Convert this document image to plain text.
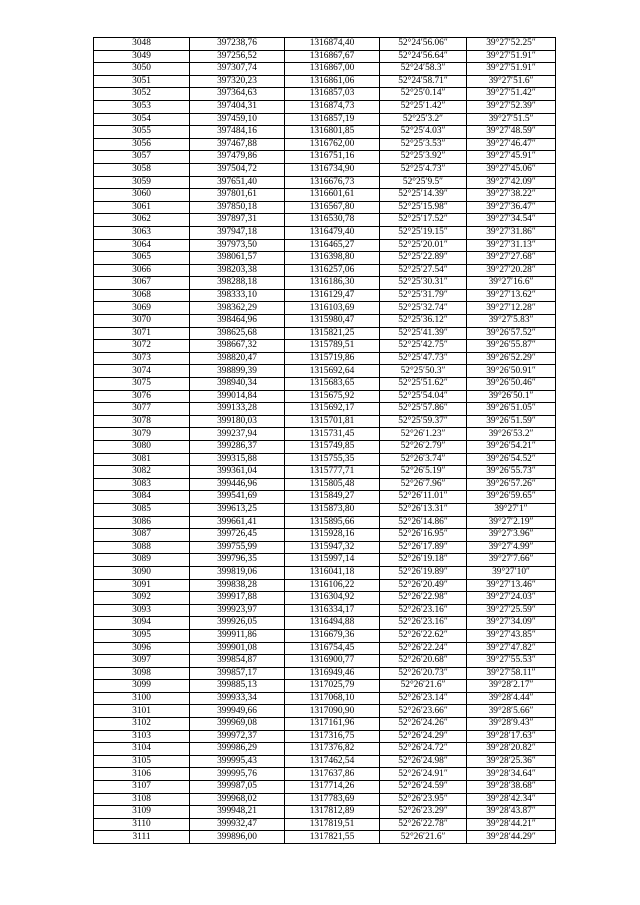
3048	397238,76	1316874,40	52°24′56.06″	39°27′52.25″
3049	397256,52	1316867,67	52°24′56.64″	39°27′51.91″
3050	397307,74	1316867,00	52°24′58.3″	39°27′51.91″
3051	397320,23	1316861,06	52°24′58.71″	39°27′51.6″
3052	397364,63	1316857,03	52°25′0.14″	39°27′51.42″
3053	397404,31	1316874,73	52°25′1.42″	39°27′52.39″
3054	397459,10	1316857,19	52°25′3.2″	39°27′51.5″
3055	397484,16	1316801,85	52°25′4.03″	39°27′48.59″
3056	397467,88	1316762,00	52°25′3.53″	39°27′46.47″
3057	397479,86	1316751,16	52°25′3.92″	39°27′45.91″
3058	397504,72	1316734,90	52°25′4.73″	39°27′45.06″
3059	397651,40	1316676,73	52°25′9.5″	39°27′42.09″
3060	397801,61	1316601,61	52°25′14.39″	39°27′38.22″
3061	397850,18	1316567,80	52°25′15.98″	39°27′36.47″
3062	397897,31	1316530,78	52°25′17.52″	39°27′34.54″
3063	397947,18	1316479,40	52°25′19.15″	39°27′31.86″
3064	397973,50	1316465,27	52°25′20.01″	39°27′31.13″
3065	398061,57	1316398,80	52°25′22.89″	39°27′27.68″
3066	398203,38	1316257,06	52°25′27.54″	39°27′20.28″
3067	398288,18	1316186,30	52°25′30.31″	39°27′16.6″
3068	398333,10	1316129,47	52°25′31.79″	39°27′13.62″
3069	398362,29	1316103,69	52°25′32.74″	39°27′12.28″
3070	398464,96	1315980,47	52°25′36.12″	39°27′5.83″
3071	398625,68	1315821,25	52°25′41.39″	39°26′57.52″
3072	398667,32	1315789,51	52°25′42.75″	39°26′55.87″
3073	398820,47	1315719,86	52°25′47.73″	39°26′52.29″
3074	398899,39	1315692,64	52°25′50.3″	39°26′50.91″
3075	398940,34	1315683,65	52°25′51.62″	39°26′50.46″
3076	399014,84	1315675,92	52°25′54.04″	39°26′50.1″
3077	399133,28	1315692,17	52°25′57.86″	39°26′51.05″
3078	399180,03	1315701,81	52°25′59.37″	39°26′51.59″
3079	399237,94	1315731,45	52°26′1.23″	39°26′53.2″
3080	399286,37	1315749,85	52°26′2.79″	39°26′54.21″
3081	399315,88	1315755,35	52°26′3.74″	39°26′54.52″
3082	399361,04	1315777,71	52°26′5.19″	39°26′55.73″
3083	399446,96	1315805,48	52°26′7.96″	39°26′57.26″
3084	399541,69	1315849,27	52°26′11.01″	39°26′59.65″
3085	399613,25	1315873,80	52°26′13.31″	39°27′1″
3086	399661,41	1315895,66	52°26′14.86″	39°27′2.19″
3087	399726,45	1315928,16	52°26′16.95″	39°27′3.96″
3088	399755,99	1315947,32	52°26′17.89″	39°27′4.99″
3089	399796,35	1315997,14	52°26′19.18″	39°27′7.66″
3090	399819,06	1316041,18	52°26′19.89″	39°27′10″
3091	399838,28	1316106,22	52°26′20.49″	39°27′13.46″
3092	399917,88	1316304,92	52°26′22.98″	39°27′24.03″
3093	399923,97	1316334,17	52°26′23.16″	39°27′25.59″
3094	399926,05	1316494,88	52°26′23.16″	39°27′34.09″
3095	399911,86	1316679,36	52°26′22.62″	39°27′43.85″
3096	399901,08	1316754,45	52°26′22.24″	39°27′47.82″
3097	399854,87	1316900,77	52°26′20.68″	39°27′55.53″
3098	399857,17	1316949,46	52°26′20.73″	39°27′58.11″
3099	399885,13	1317025,79	52°26′21.6″	39°28′2.17″
3100	399933,34	1317068,10	52°26′23.14″	39°28′4.44″
3101	399949,66	1317090,90	52°26′23.66″	39°28′5.66″
3102	399969,08	1317161,96	52°26′24.26″	39°28′9.43″
3103	399972,37	1317316,75	52°26′24.29″	39°28′17.63″
3104	399986,29	1317376,82	52°26′24.72″	39°28′20.82″
3105	399995,43	1317462,54	52°26′24.98″	39°28′25.36″
3106	399995,76	1317637,86	52°26′24.91″	39°28′34.64″
3107	399987,05	1317714,26	52°26′24.59″	39°28′38.68″
3108	399968,02	1317783,69	52°26′23.95″	39°28′42.34″
3109	399948,21	1317812,89	52°26′23.29″	39°28′43.87″
3110	399932,47	1317819,51	52°26′22.78″	39°28′44.21″
3111	399896,00	1317821,55	52°26′21.6″	39°28′44.29″
